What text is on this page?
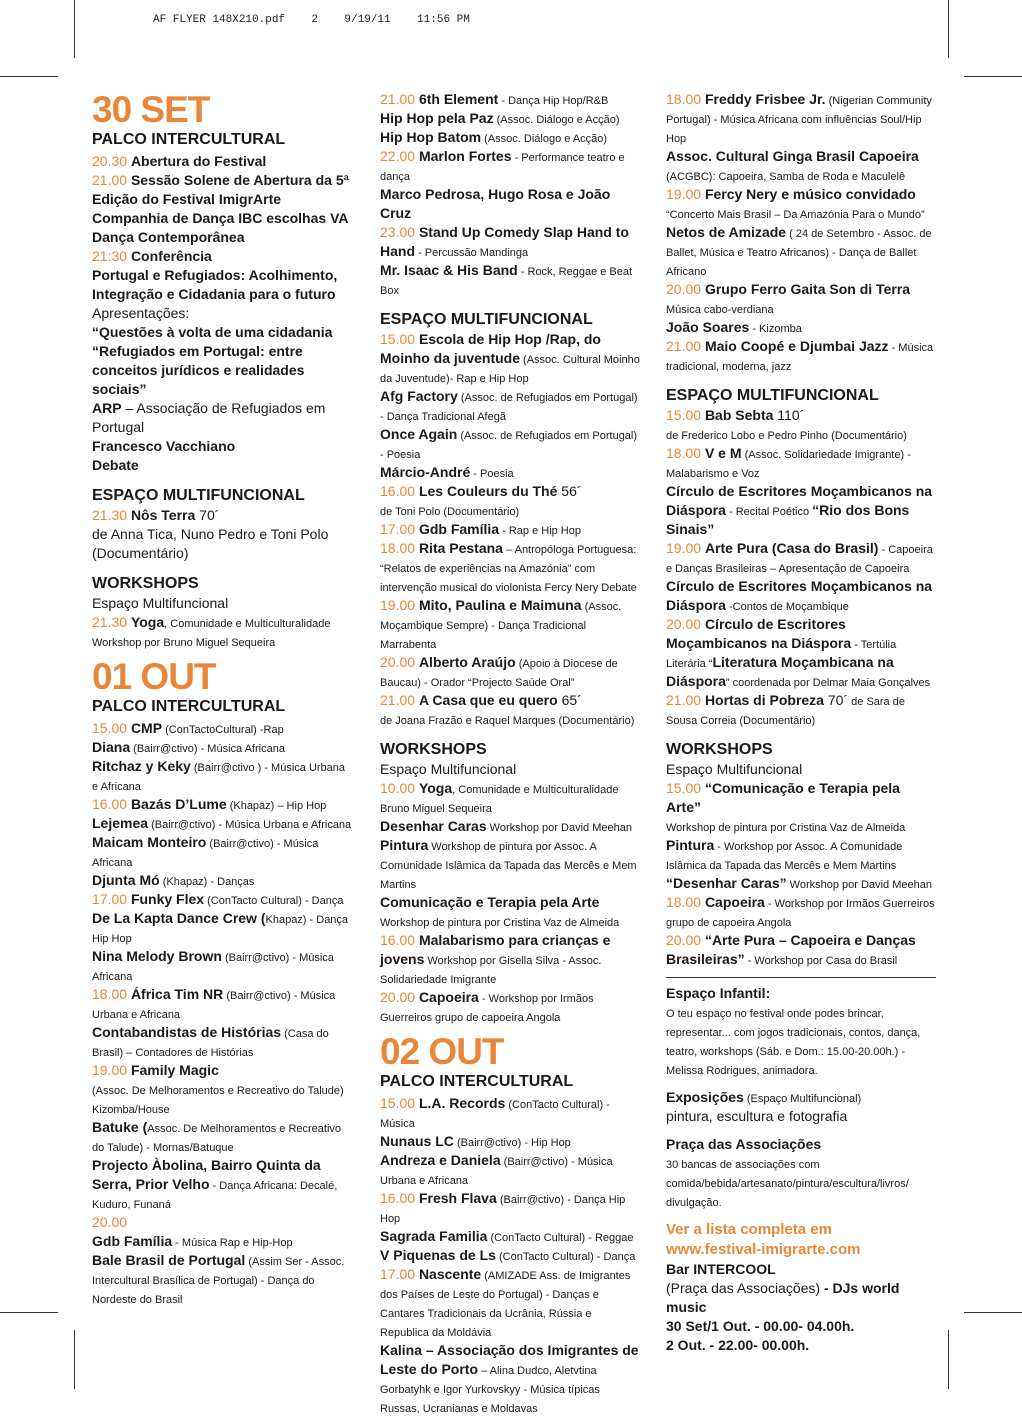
AF FLYER 148X210.pdf    2    9/19/11    11:56 PM
30 SET
PALCO INTERCULTURAL
20.30 Abertura do Festival
21.00 Sessão Solene de Abertura da 5ª Edição do Festival ImigrArte Companhia de Dança IBC escolhas VA Dança Contemporânea
21:30 Conferência
Portugal e Refugiados: Acolhimento, Integração e Cidadania para o futuro
Apresentações:
“Questões à volta de uma cidadania “Refugiados em Portugal: entre conceitos jurídicos e realidades sociais”
ARP – Associação de Refugiados em Portugal
Francesco Vacchiano
Debate
ESPAÇO MULTIFUNCIONAL
21.30 Nôs Terra 70´
de Anna Tica, Nuno Pedro e Toni Polo (Documentário)
WORKSHOPS
Espaço Multifuncional
21.30 Yoga, Comunidade e Multiculturalidade Workshop por Bruno Miguel Sequeira
01 OUT
PALCO INTERCULTURAL
15.00 CMP (ConTactoCultural) -Rap
Diana (Bairr@ctivo) - Música Africana
Ritchaz y Keky (Bairr@ctivo ) - Música Urbana e Africana
16.00 Bazás D’Lume (Khapaz) – Hip Hop
Lejemea (Bairr@ctivo) - Música Urbana e Africana
Maicam Monteiro (Bairr@ctivo) - Música Africana
Djunta Mó (Khapaz) - Danças
17.00 Funky Flex (ConTacto Cultural) - Dança
De La Kapta Dance Crew (Khapaz) - Dança Hip Hop
Nina Melody Brown (Bairr@ctivo) - Música Africana
18.00 África Tim NR (Bairr@ctivo) - Música Urbana e Africana
Contabandistas de Histórias (Casa do Brasil) – Contadores de Histórias
19.00 Family Magic
(Assoc. De Melhoramentos e Recreativo do Talude) Kizomba/House
Batuke (Assoc. De Melhoramentos e Recreativo do Talude) - Mornas/Batuque
Projecto Àbolina, Bairro Quinta da Serra, Prior Velho - Dança Africana: Decalé, Kuduro, Funaná
20.00
Gdb Família - Música Rap e Hip-Hop
Bale Brasil de Portugal (Assim Ser - Assoc. Intercultural Brasílica de Portugal) - Dança do Nordeste do Brasil
21.00 6th Element - Dança Hip Hop/R&B
Hip Hop pela Paz (Assoc. Diálogo e Acção)
Hip Hop Batom (Assoc. Diálogo e Acção)
22.00 Marlon Fortes - Performance teatro e dança
Marco Pedrosa, Hugo Rosa e João Cruz
23.00 Stand Up Comedy Slap Hand to Hand - Percussão Mandinga
Mr. Isaac & His Band - Rock, Reggae e Beat Box
ESPAÇO MULTIFUNCIONAL
15.00 Escola de Hip Hop /Rap, do Moinho da juventude (Assoc. Cultural Moinho da Juventude)- Rap e Hip Hop
Afg Factory (Assoc. de Refugiados em Portugal) - Dança Tradicional Afegã
Once Again (Assoc. de Refugiados em Portugal) - Poesia
Márcio-André - Poesia
16.00 Les Couleurs du Thé 56´
de Toni Polo (Documentário)
17.00 Gdb Família - Rap e Hip Hop
18.00 Rita Pestana – Antropóloga Portuguesa: “Relatos de experiências na Amazónia” com intervenção musical do violonista Fercy Nery Debate
19.00 Mito, Paulina e Maimuna (Assoc. Moçambique Sempre) - Dança Tradicional Marrabenta
20.00 Alberto Araújo (Apoio à Diocese de Baucau) - Orador “Projecto Saúde Oral”
21.00 A Casa que eu quero 65´
de Joana Frazão e Raquel Marques (Documentário)
WORKSHOPS
Espaço Multifuncional
10.00 Yoga, Comunidade e Multiculturalidade Bruno Miguel Sequeira
Desenhar Caras Workshop por David Meehan
Pintura Workshop de pintura por Assoc. A Comunidade Islâmica da Tapada das Mercês e Mem Martins
Comunicação e Terapia pela Arte
Workshop de pintura por Cristina Vaz de Almeida
16.00 Malabarismo para crianças e jovens Workshop por Gisella Silva - Assoc. Solidariedade Imigrante
20.00 Capoeira - Workshop por Irmãos Guerreiros grupo de capoeira Angola
02 OUT
PALCO INTERCULTURAL
15.00 L.A. Records (ConTacto Cultural) - Música
Nunaus LC (Bairr@ctivo) - Hip Hop
Andreza e Daniela (Bairr@ctivo) - Música Urbana e Africana
16.00 Fresh Flava (Bairr@ctivo) - Dança Hip Hop
Sagrada Familia (ConTacto Cultural) - Reggae
V Piquenas de Ls (ConTacto Cultural) - Dança
17.00 Nascente (AMIZADE Ass. de Imigrantes dos Países de Leste do Portugal) - Danças e Cantares Tradicionais da Ucrânia, Rússia e Republica da Moldávia
Kalina – Associação dos Imigrantes de Leste do Porto – Alina Dudco, Aletvtina Gorbatyhk e Igor Yurkovskyy - Música típicas Russas, Ucranianas e Moldavas
18.00 Freddy Frisbee Jr. (Nigerian Community Portugal) - Música Africana com influências Soul/Hip Hop
Assoc. Cultural Ginga Brasil Capoeira
(ACGBC): Capoeira, Samba de Roda e Maculelê
19.00 Fercy Nery e músico convidado
“Concerto Mais Brasil – Da Amazónia Para o Mundo”
Netos de Amizade ( 24 de Setembro - Assoc. de Ballet, Música e Teatro Africanos) - Dança de Ballet Africano
20.00 Grupo Ferro Gaita Son di Terra
Música cabo-verdiana
João Soares - Kizomba
21.00 Maio Coopé e Djumbai Jazz - Música tradicional, moderna, jazz
ESPAÇO MULTIFUNCIONAL
15.00 Bab Sebta 110´
de Frederico Lobo e Pedro Pinho (Documentário)
18.00 V e M (Assoc. Solidariedade Imigrante) - Malabarismo e Voz
Círculo de Escritores Moçambicanos na Diáspora - Recital Poético “Rio dos Bons Sinais”
19.00 Arte Pura (Casa do Brasil) - Capoeira e Danças Brasileiras – Apresentação de Capoeira
Círculo de Escritores Moçambicanos na Diáspora -Contos de Moçambique
20.00 Círculo de Escritores Moçambicanos na Diáspora - Tertúlia Literária “Literatura Moçambicana na Diáspora” coordenada por Delmar Maia Gonçalves
21.00 Hortas di Pobreza 70´ de Sara de Sousa Correia (Documentário)
WORKSHOPS
Espaço Multifuncional
15.00 “Comunicação e Terapia pela Arte”
Workshop de pintura por Cristina Vaz de Almeida
Pintura - Workshop por Assoc. A Comunidade Islâmica da Tapada das Mercês e Mem Martins
“Desenhar Caras” Workshop por David Meehan
18.00 Capoeira - Workshop por Irmãos Guerreiros grupo de capoeira Angola
20.00 “Arte Pura – Capoeira e Danças Brasileiras” - Workshop por Casa do Brasil
Espaço Infantil:
O teu espaço no festival onde podes brincar, representar... com jogos tradicionais, contos, dança, teatro, workshops (Sáb. e Dom.: 15.00-20.00h.) - Melissa Rodrigues, animadora.
Exposições (Espaço Multifuncional)
pintura, escultura e fotografia
Praça das Associações
30 bancas de associações com comida/bebida/artesanato/pintura/escultura/livros/ divulgação.
Ver a lista completa em
www.festival-imigrarte.com
Bar INTERCOOL
(Praça das Associações) - DJs world music
30 Set/1 Out. - 00.00- 04.00h.
2 Out. - 22.00- 00.00h.
